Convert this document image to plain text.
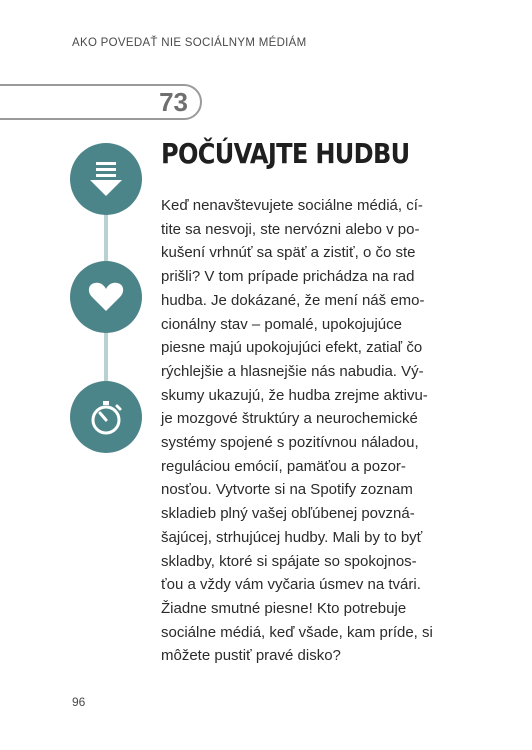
AKO POVEDAŤ NIE SOCIÁLNYM MÉDIÁM
73
POČÚVAJTE HUDBU

Keď nenavštevujete sociálne médiá, cí-
tite sa nesvoji, ste nervózni alebo v po-
kušení vrhnúť sa späť a zistiť, o čo ste
prišli? V tom prípade prichádza na rad
hudba. Je dokázané, že mení náš emo-
cionálny stav – pomalé, upokojujúce
piesne majú upokojujúci efekt, zatiaľ čo
rýchlejšie a hlasnejšie nás nabudia. Vý-
skumy ukazujú, že hudba zrejme aktivu-
je mozgové štruktúry a neurochemické
systémy spojené s pozitívnou náladou,
reguláciou emócií, pamäťou a pozor-
nosťou. Vytvorte si na Spotify zoznam
skladieb plný vašej obľúbenej povzná-
šajúcej, strhujúcej hudby. Mali by to byť
skladby, ktoré si spájate so spokojnos-
ťou a vždy vám vyčaria úsmev na tvári.
Žiadne smutné piesne! Kto potrebuje
sociálne médiá, keď všade, kam príde, si
môžete pustiť pravé disko?

96
